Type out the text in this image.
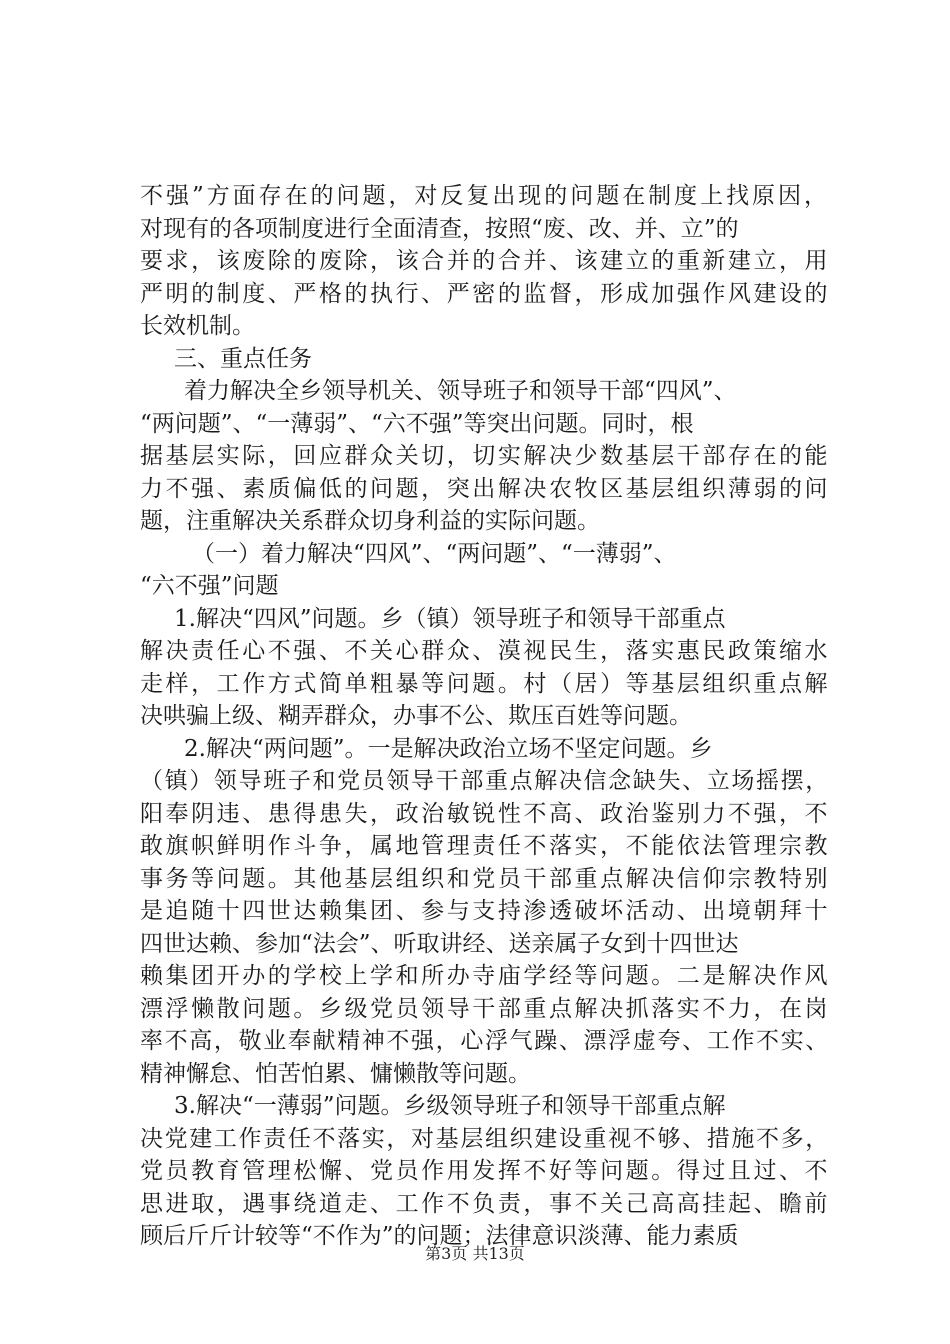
不强”方面存在的问题，对反复出现的问题在制度上找原因，
对现有的各项制度进行全面清查，按照“废、改、并、立”的
要求，该废除的废除，该合并的合并、该建立的重新建立，用
严明的制度、严格的执行、严密的监督，形成加强作风建设的
长效机制。

三、重点任务

着力解决全乡领导机关、领导班子和领导干部“四风”、
“两问题”、“一薄弱”、“六不强”等突出问题。同时，根
据基层实际，回应群众关切，切实解决少数基层干部存在的能
力不强、素质偏低的问题，突出解决农牧区基层组织薄弱的问
题，注重解决关系群众切身利益的实际问题。

（一）着力解决“四风”、“两问题”、“一薄弱”、
“六不强”问题

1.解决“四风”问题。乡（镇）领导班子和领导干部重点
解决责任心不强、不关心群众、漠视民生，落实惠民政策缩水
走样，工作方式简单粗暴等问题。村（居）等基层组织重点解
决哄骗上级、糊弄群众，办事不公、欺压百姓等问题。

2.解决“两问题”。一是解决政治立场不坚定问题。乡
（镇）领导班子和党员领导干部重点解决信念缺失、立场摇摆，
阳奉阴违、患得患失，政治敏锐性不高、政治鉴别力不强，不
敢旗帜鲜明作斗争，属地管理责任不落实，不能依法管理宗教
事务等问题。其他基层组织和党员干部重点解决信仰宗教特别
是追随十四世达赖集团、参与支持渗透破坏活动、出境朝拜十
四世达赖、参加“法会”、听取讲经、送亲属子女到十四世达
赖集团开办的学校上学和所办寺庙学经等问题。二是解决作风
漂浮懒散问题。乡级党员领导干部重点解决抓落实不力，在岗
率不高，敬业奉献精神不强，心浮气躁、漂浮虚夸、工作不实、
精神懈怠、怕苦怕累、慵懒散等问题。

3.解决“一薄弱”问题。乡级领导班子和领导干部重点解
决党建工作责任不落实，对基层组织建设重视不够、措施不多，
党员教育管理松懈、党员作用发挥不好等问题。得过且过、不
思进取，遇事绕道走、工作不负责，事不关己高高挂起、瞻前
顾后斤斤计较等“不作为”的问题；法律意识淡薄、能力素质

第3页 共13页
